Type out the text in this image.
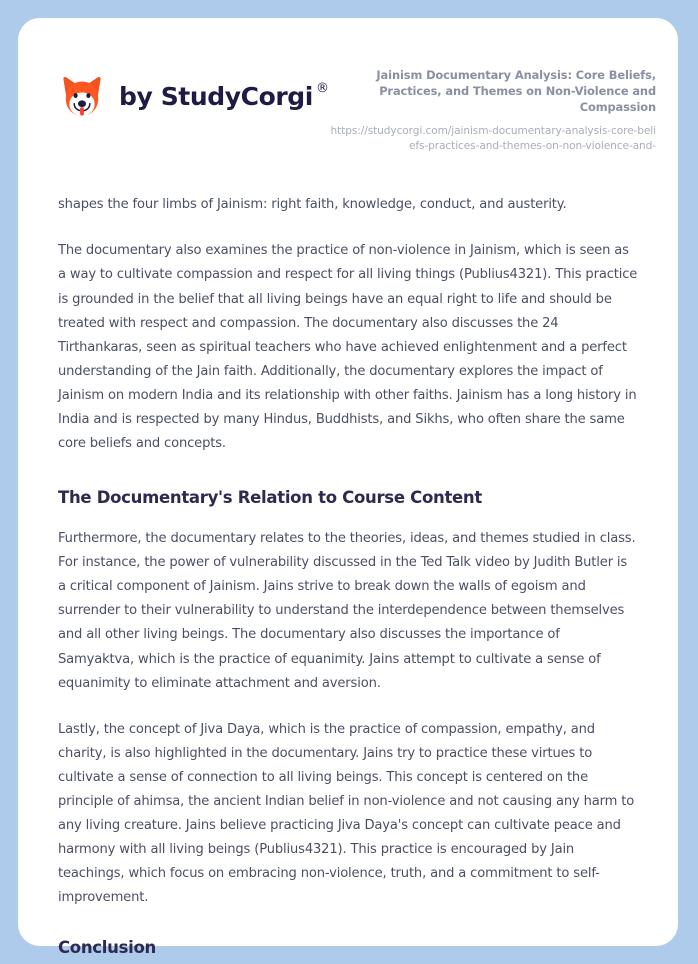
by StudyCorgi ®

Jainism Documentary Analysis: Core Beliefs, Practices, and Themes on Non-Violence and Compassion

https://studycorgi.com/jainism-documentary-analysis-core-beliefs-practices-and-themes-on-non-violence-and-

shapes the four limbs of Jainism: right faith, knowledge, conduct, and austerity.

The documentary also examines the practice of non-violence in Jainism, which is seen as a way to cultivate compassion and respect for all living things (Publius4321). This practice is grounded in the belief that all living beings have an equal right to life and should be treated with respect and compassion. The documentary also discusses the 24 Tirthankaras, seen as spiritual teachers who have achieved enlightenment and a perfect understanding of the Jain faith. Additionally, the documentary explores the impact of Jainism on modern India and its relationship with other faiths. Jainism has a long history in India and is respected by many Hindus, Buddhists, and Sikhs, who often share the same core beliefs and concepts.

The Documentary's Relation to Course Content

Furthermore, the documentary relates to the theories, ideas, and themes studied in class. For instance, the power of vulnerability discussed in the Ted Talk video by Judith Butler is a critical component of Jainism. Jains strive to break down the walls of egoism and surrender to their vulnerability to understand the interdependence between themselves and all other living beings. The documentary also discusses the importance of Samyaktva, which is the practice of equanimity. Jains attempt to cultivate a sense of equanimity to eliminate attachment and aversion.

Lastly, the concept of Jiva Daya, which is the practice of compassion, empathy, and charity, is also highlighted in the documentary. Jains try to practice these virtues to cultivate a sense of connection to all living beings. This concept is centered on the principle of ahimsa, the ancient Indian belief in non-violence and not causing any harm to any living creature. Jains believe practicing Jiva Daya's concept can cultivate peace and harmony with all living beings (Publius4321). This practice is encouraged by Jain teachings, which focus on embracing non-violence, truth, and a commitment to self-improvement.

Conclusion
